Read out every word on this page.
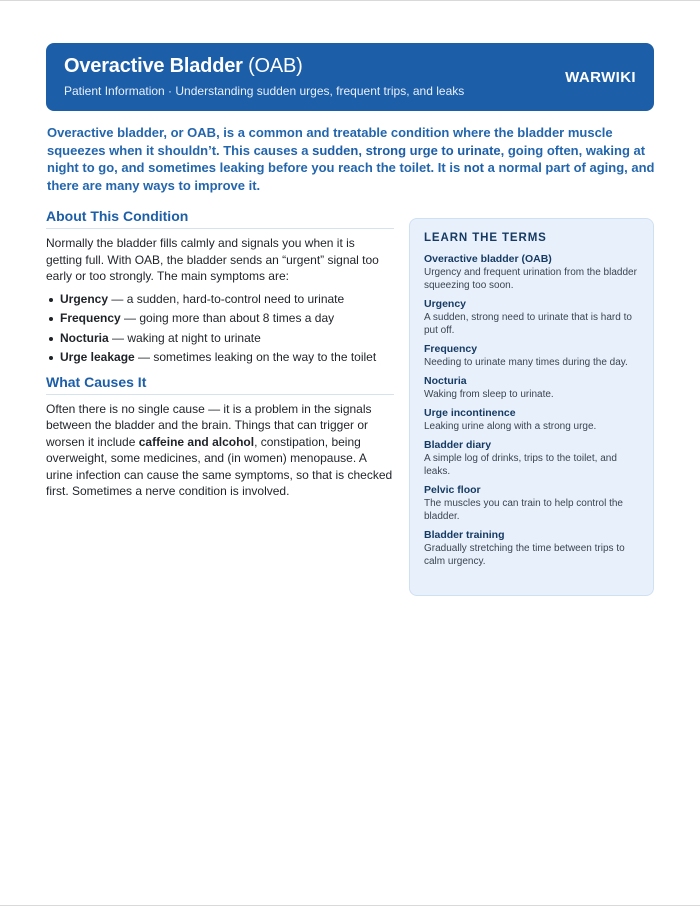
Overactive Bladder (OAB)
Patient Information · Understanding sudden urges, frequent trips, and leaks
WARWIKI

Overactive bladder, or OAB, is a common and treatable condition where the bladder muscle squeezes when it shouldn’t. This causes a sudden, strong urge to urinate, going often, waking at night to go, and sometimes leaking before you reach the toilet. It is not a normal part of aging, and there are many ways to improve it.

About This Condition

Normally the bladder fills calmly and signals you when it is getting full. With OAB, the bladder sends an “urgent” signal too early or too strongly. The main symptoms are:

Urgency — a sudden, hard-to-control need to urinate
Frequency — going more than about 8 times a day
Nocturia — waking at night to urinate
Urge leakage — sometimes leaking on the way to the toilet
What Causes It

Often there is no single cause — it is a problem in the signals between the bladder and the brain. Things that can trigger or worsen it include caffeine and alcohol, constipation, being overweight, some medicines, and (in women) menopause. A urine infection can cause the same symptoms, so that is checked first. Sometimes a nerve condition is involved.

LEARN THE TERMS
Overactive bladder (OAB)
Urgency and frequent urination from the bladder squeezing too soon.
Urgency
A sudden, strong need to urinate that is hard to put off.
Frequency
Needing to urinate many times during the day.
Nocturia
Waking from sleep to urinate.
Urge incontinence
Leaking urine along with a strong urge.
Bladder diary
A simple log of drinks, trips to the toilet, and leaks.
Pelvic floor
The muscles you can train to help control the bladder.
Bladder training
Gradually stretching the time between trips to calm urgency.
